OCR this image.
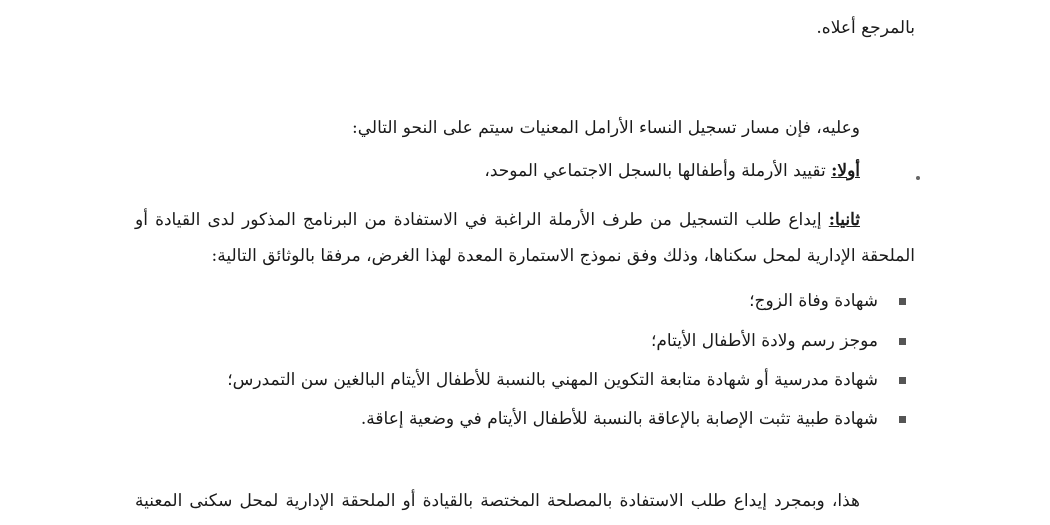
بالمرجع أعلاه.
وعليه، فإن مسار تسجيل النساء الأرامل المعنيات سيتم على النحو التالي:
أولا: تقييد الأرملة وأطفالها بالسجل الاجتماعي الموحد،
ثانيا: إيداع طلب التسجيل من طرف الأرملة الراغبة في الاستفادة من البرنامج المذكور لدى القيادة أو
الملحقة الإدارية لمحل سكناها، وذلك وفق نموذج الاستمارة المعدة لهذا الغرض، مرفقا بالوثائق التالية:
شهادة وفاة الزوج؛
موجز رسم ولادة الأطفال الأيتام؛
شهادة مدرسية أو شهادة متابعة التكوين المهني بالنسبة للأطفال الأيتام البالغين سن التمدرس؛
شهادة طبية تثبت الإصابة بالإعاقة بالنسبة للأطفال الأيتام في وضعية إعاقة.
هذا، وبمجرد إيداع طلب الاستفادة بالمصلحة المختصة بالقيادة أو الملحقة الإدارية لمحل سكنى المعنية
